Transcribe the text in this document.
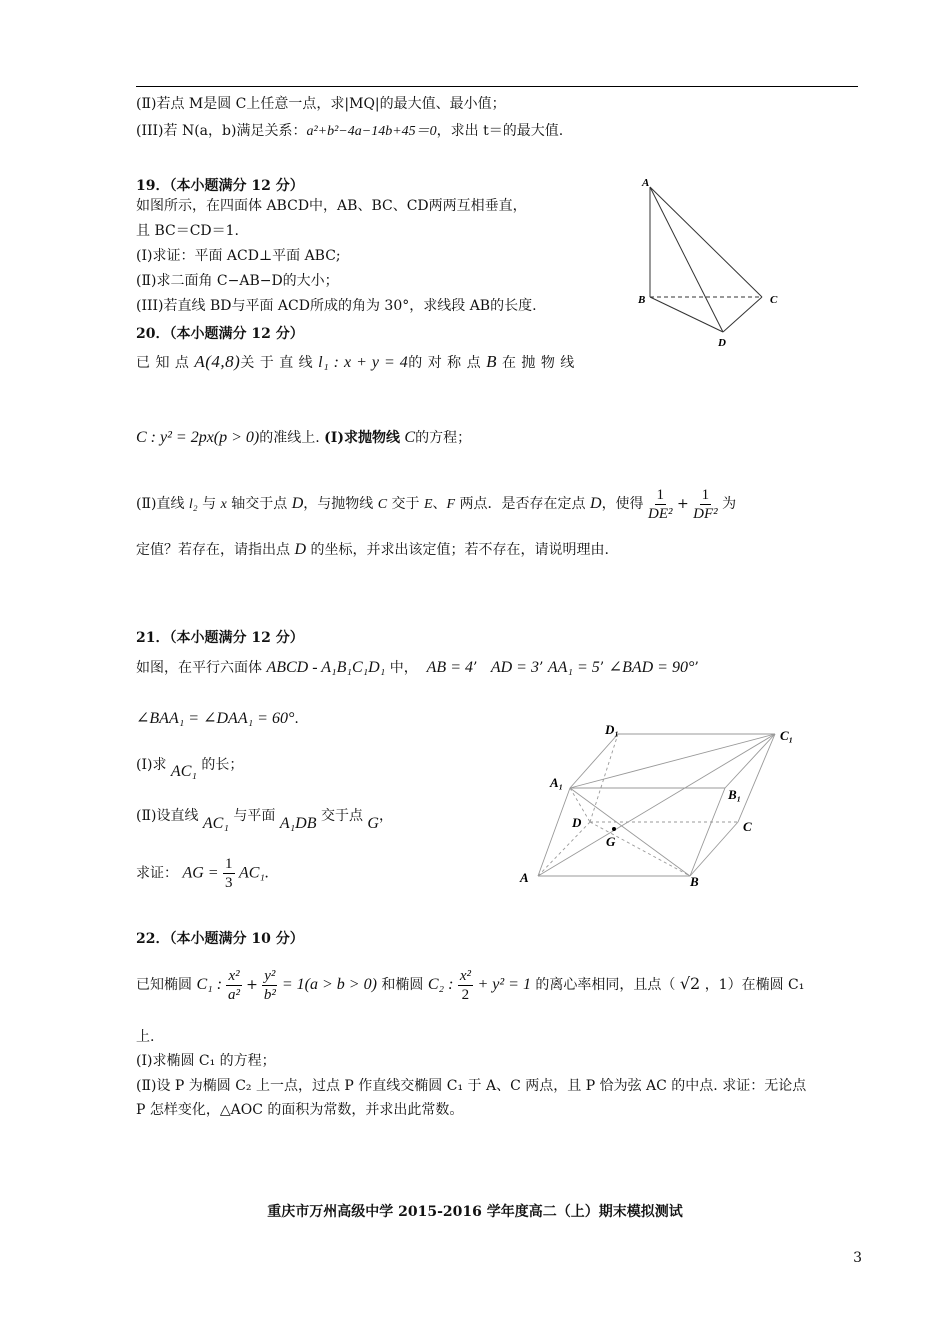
(Ⅱ)若点 M是圆 C上任意一点，求|MQ|的最大值、最小值；
(III)若 N(a，b)满足关系：a²+b²−4a−14b+45＝0，求出 t＝的最大值.
19．（本小题满分 12 分）
如图所示，在四面体 ABCD中，AB、BC、CD两两互相垂直，
且 BC＝CD＝1.
(Ⅰ)求证：平面 ACD⊥平面 ABC;
(Ⅱ)求二面角 C−AB−D的大小；
(III)若直线 BD与平面 ACD所成的角为 30°，求线段 AB的长度.
A
B	C
D
20．（本小题满分 12 分）
已 知 点 A(4,8)关 于 直 线 l₁ : x + y = 4的 对 称 点 B 在 抛 物 线
C : y² = 2px(p > 0)的准线上. (Ⅰ)求抛物线 C的方程；
(Ⅱ)直线 l₂ 与 x 轴交于点 D，与抛物线 C 交于 E、F 两点．是否存在定点 D，使得 $\frac{1}{\text{DE²}} + \frac{1}{\text{DF²}}$ 为
定值？若存在，请指出点 D 的坐标，并求出该定值；若不存在，请说明理由.
21．（本小题满分 12 分）
如图，在平行六面体 ABCD - A₁B₁C₁D₁ 中， AB = 4’   AD = 3’ AA₁ = 5’ ∠BAD = 90°’
∠BAA₁ = ∠DAA₁ = 60°.
(Ⅰ)求 AC₁ 的长；
(Ⅱ)设直线 AC₁ 与平面 A₁DB 交于点 G，
求证： AG = $\frac{1}{3} AC_1$.	A	B
C
D
A₁
B₁
C₁
D₁
G
22．（本小题满分 10 分）
已知椭圆 C₁ : $\frac{\text{x²}}{\text{a²}} + \frac{\text{y²}}{\text{b²}} = 1(a > b > 0)$ 和椭圆 C₂ : $\frac{\text{x²}}{2} + y^2 = 1$ 的离心率相同，且点（ √2 ，1）在椭圆 C₁
上.
(Ⅰ)求椭圆 C₁ 的方程；
(Ⅱ)设 P 为椭圆 C₂ 上一点，过点 P 作直线交椭圆 C₁ 于 A、C 两点，且 P 恰为弦 AC 的中点. 求证：无论点
P 怎样变化，△AOC 的面积为常数，并求出此常数。
重庆市万州高级中学 2015-2016 学年度高二（上）期末模拟测试
3
